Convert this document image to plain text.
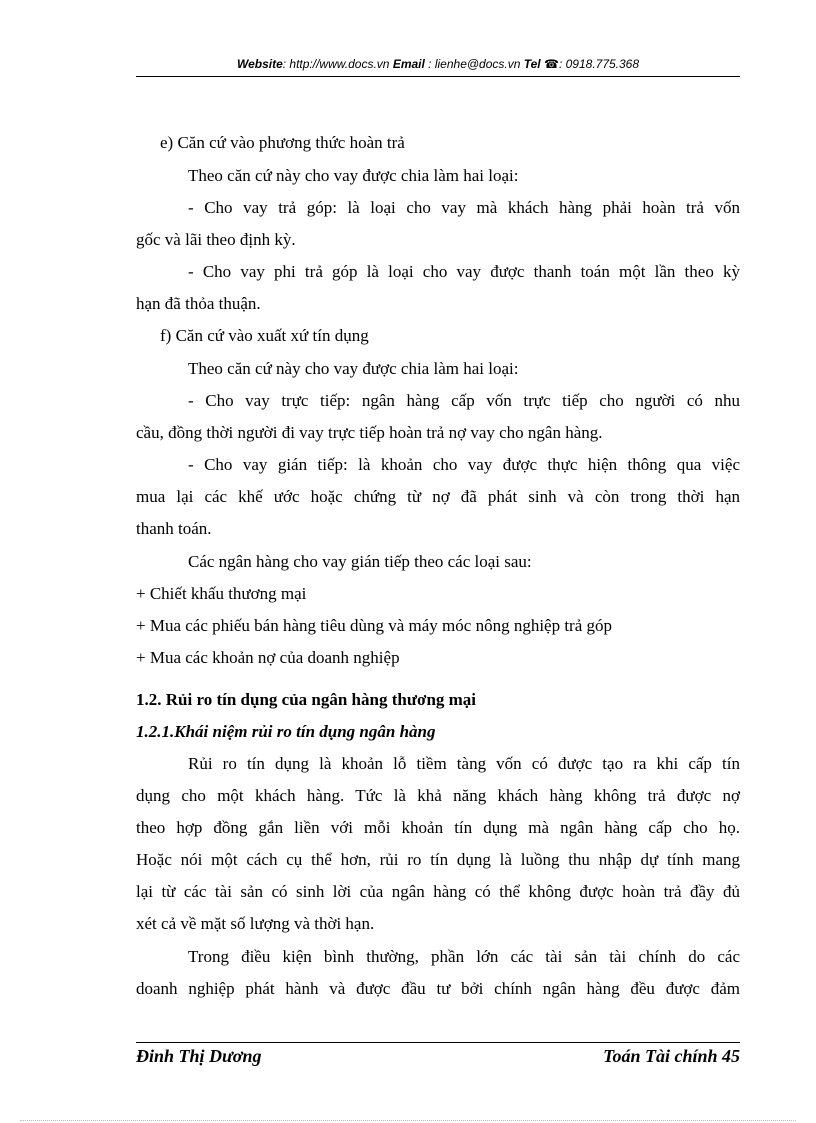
Website: http://www.docs.vn Email : lienhe@docs.vn Tel ☎: 0918.775.368
e) Căn cứ vào phương thức hoàn trả
Theo căn cứ này cho vay được chia làm hai loại:
- Cho vay trả góp: là loại cho vay mà khách hàng phải hoàn trả vốn
gốc và lãi theo định kỳ.
- Cho vay phi trả góp là loại cho vay được thanh toán một lần theo kỳ
hạn đã thỏa thuận.
f) Căn cứ vào xuất xứ tín dụng
Theo căn cứ này cho vay được chia làm hai loại:
- Cho vay trực tiếp: ngân hàng cấp vốn trực tiếp cho người có nhu
cầu, đồng thời người đi vay trực tiếp hoàn trả nợ vay cho ngân hàng.
- Cho vay gián tiếp: là khoản cho vay được thực hiện thông qua việc
mua lại các khế ước hoặc chứng từ nợ đã phát sinh và còn trong thời hạn
thanh toán.
Các ngân hàng cho vay gián tiếp theo các loại sau:
+ Chiết khấu thương mại
+ Mua các phiếu bán hàng tiêu dùng và máy móc nông nghiệp trả góp
+ Mua các khoản nợ của doanh nghiệp
1.2. Rủi ro tín dụng của ngân hàng thương mại
1.2.1.Khái niệm rủi ro tín dụng ngân hàng
Rủi ro tín dụng là khoản lỗ tiềm tàng vốn có được tạo ra khi cấp tín
dụng cho một khách hàng. Tức là khả năng khách hàng không trả được nợ
theo hợp đồng gắn liền với mỗi khoản tín dụng mà ngân hàng cấp cho họ.
Hoặc nói một cách cụ thể hơn, rủi ro tín dụng là luồng thu nhập dự tính mang
lại từ các tài sản có sinh lời của ngân hàng có thể không được hoàn trả đầy đủ
xét cả về mặt số lượng và thời hạn.
Trong điều kiện bình thường, phần lớn các tài sản tài chính do các
doanh nghiệp phát hành và được đầu tư bởi chính ngân hàng đều được đảm
Đinh Thị Dương	Toán Tài chính 45
